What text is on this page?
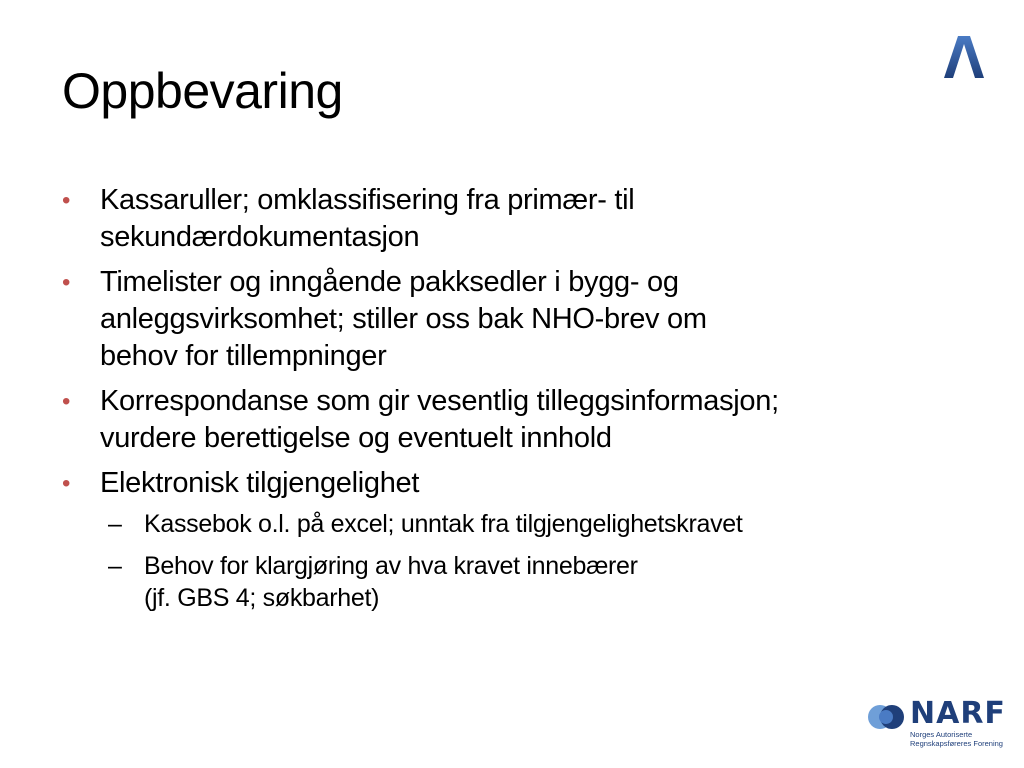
Oppbevaring
• Kassaruller; omklassifisering fra primær- til
sekundærdokumentasjon
• Timelister og inngående pakksedler i bygg- og
anleggsvirksomhet; stiller oss bak NHO-brev om
behov for tillempninger
• Korrespondanse som gir vesentlig tilleggsinformasjon;
vurdere berettigelse og eventuelt innhold
• Elektronisk tilgjengelighet
– Kassebok o.l. på excel; unntak fra tilgjengelighetskravet
– Behov for klargjøring av hva kravet innebærer
(jf. GBS 4; søkbarhet)
NARF
Norges Autoriserte
Regnskapsføreres Forening
